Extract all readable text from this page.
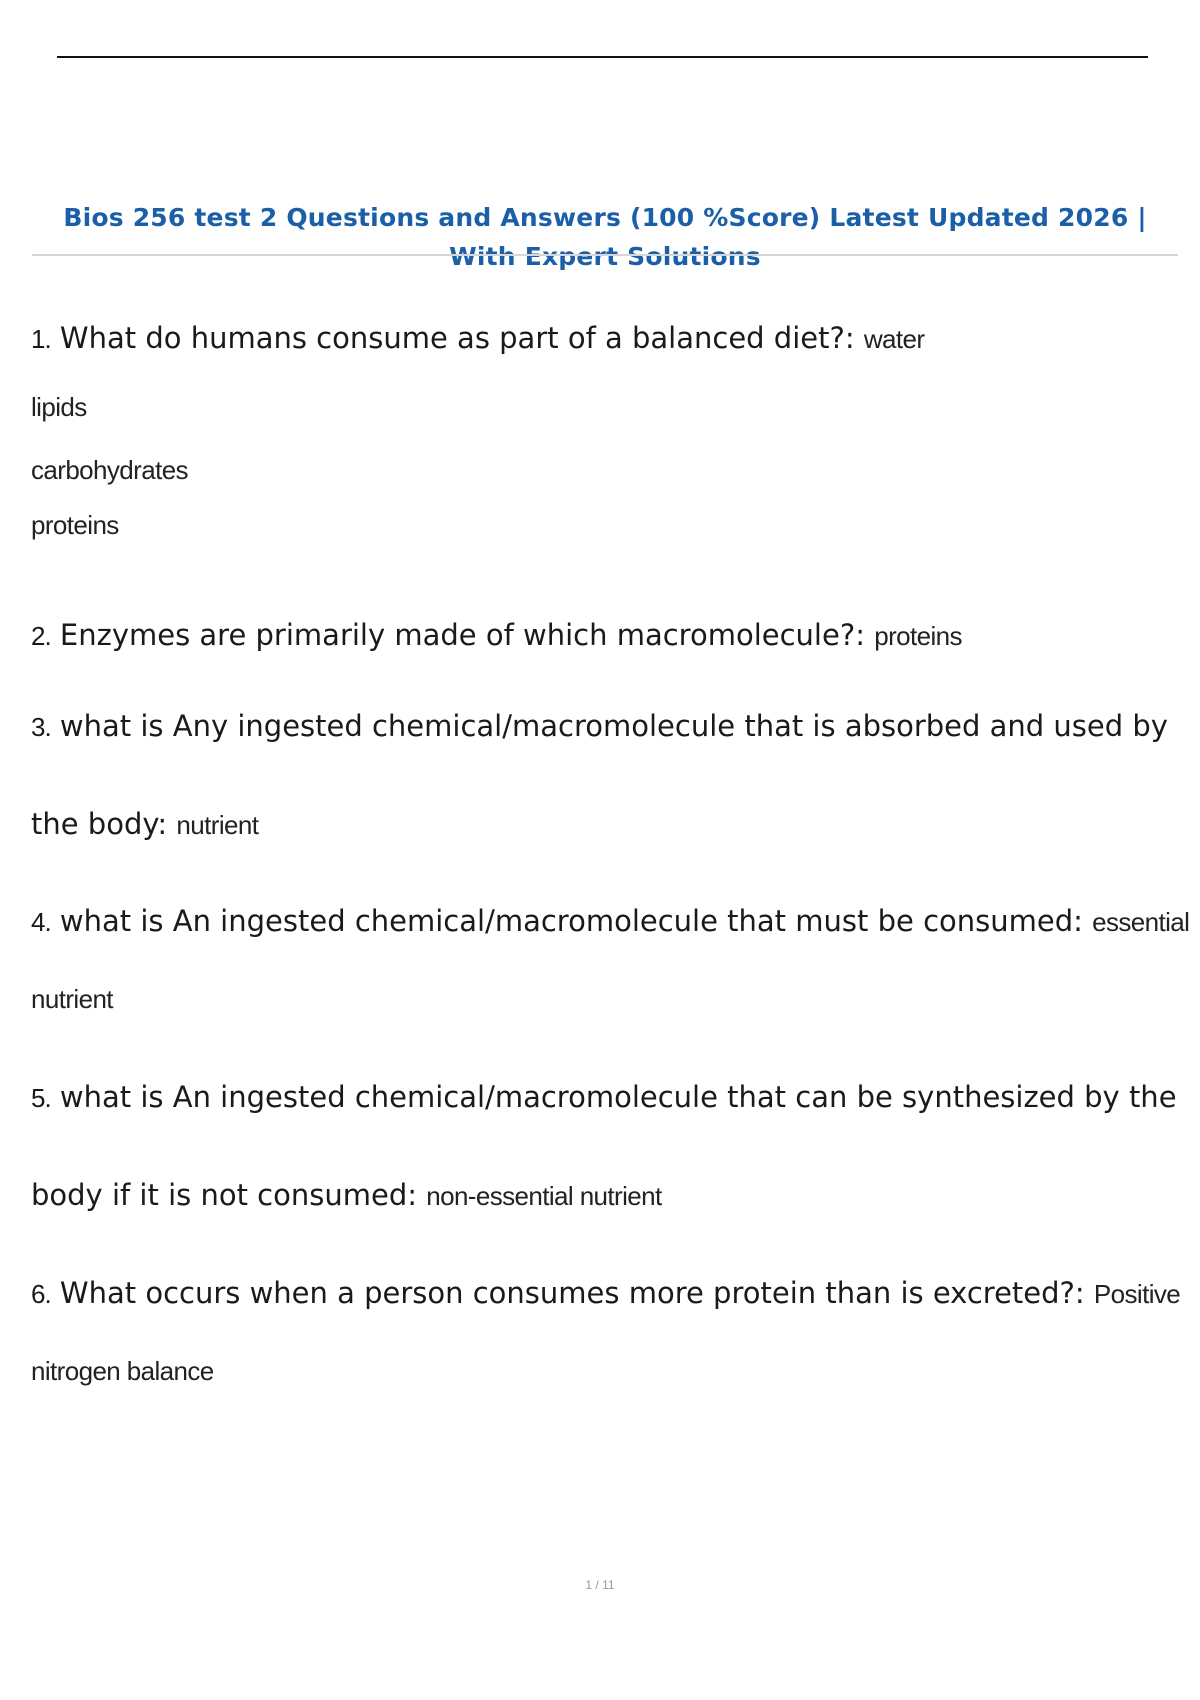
Bios 256 test 2 Questions and Answers (100 %Score) Latest Updated 2026 |
With Expert Solutions
1. What do humans consume as part of a balanced diet?: water
lipids
carbohydrates
proteins
2. Enzymes are primarily made of which macromolecule?: proteins
3. what is Any ingested chemical/macromolecule that is absorbed and used by
the body: nutrient
4. what is An ingested chemical/macromolecule that must be consumed: essential
nutrient
5. what is An ingested chemical/macromolecule that can be synthesized by the
body if it is not consumed: non-essential nutrient
6. What occurs when a person consumes more protein than is excreted?: Positive
nitrogen balance
1 / 11
